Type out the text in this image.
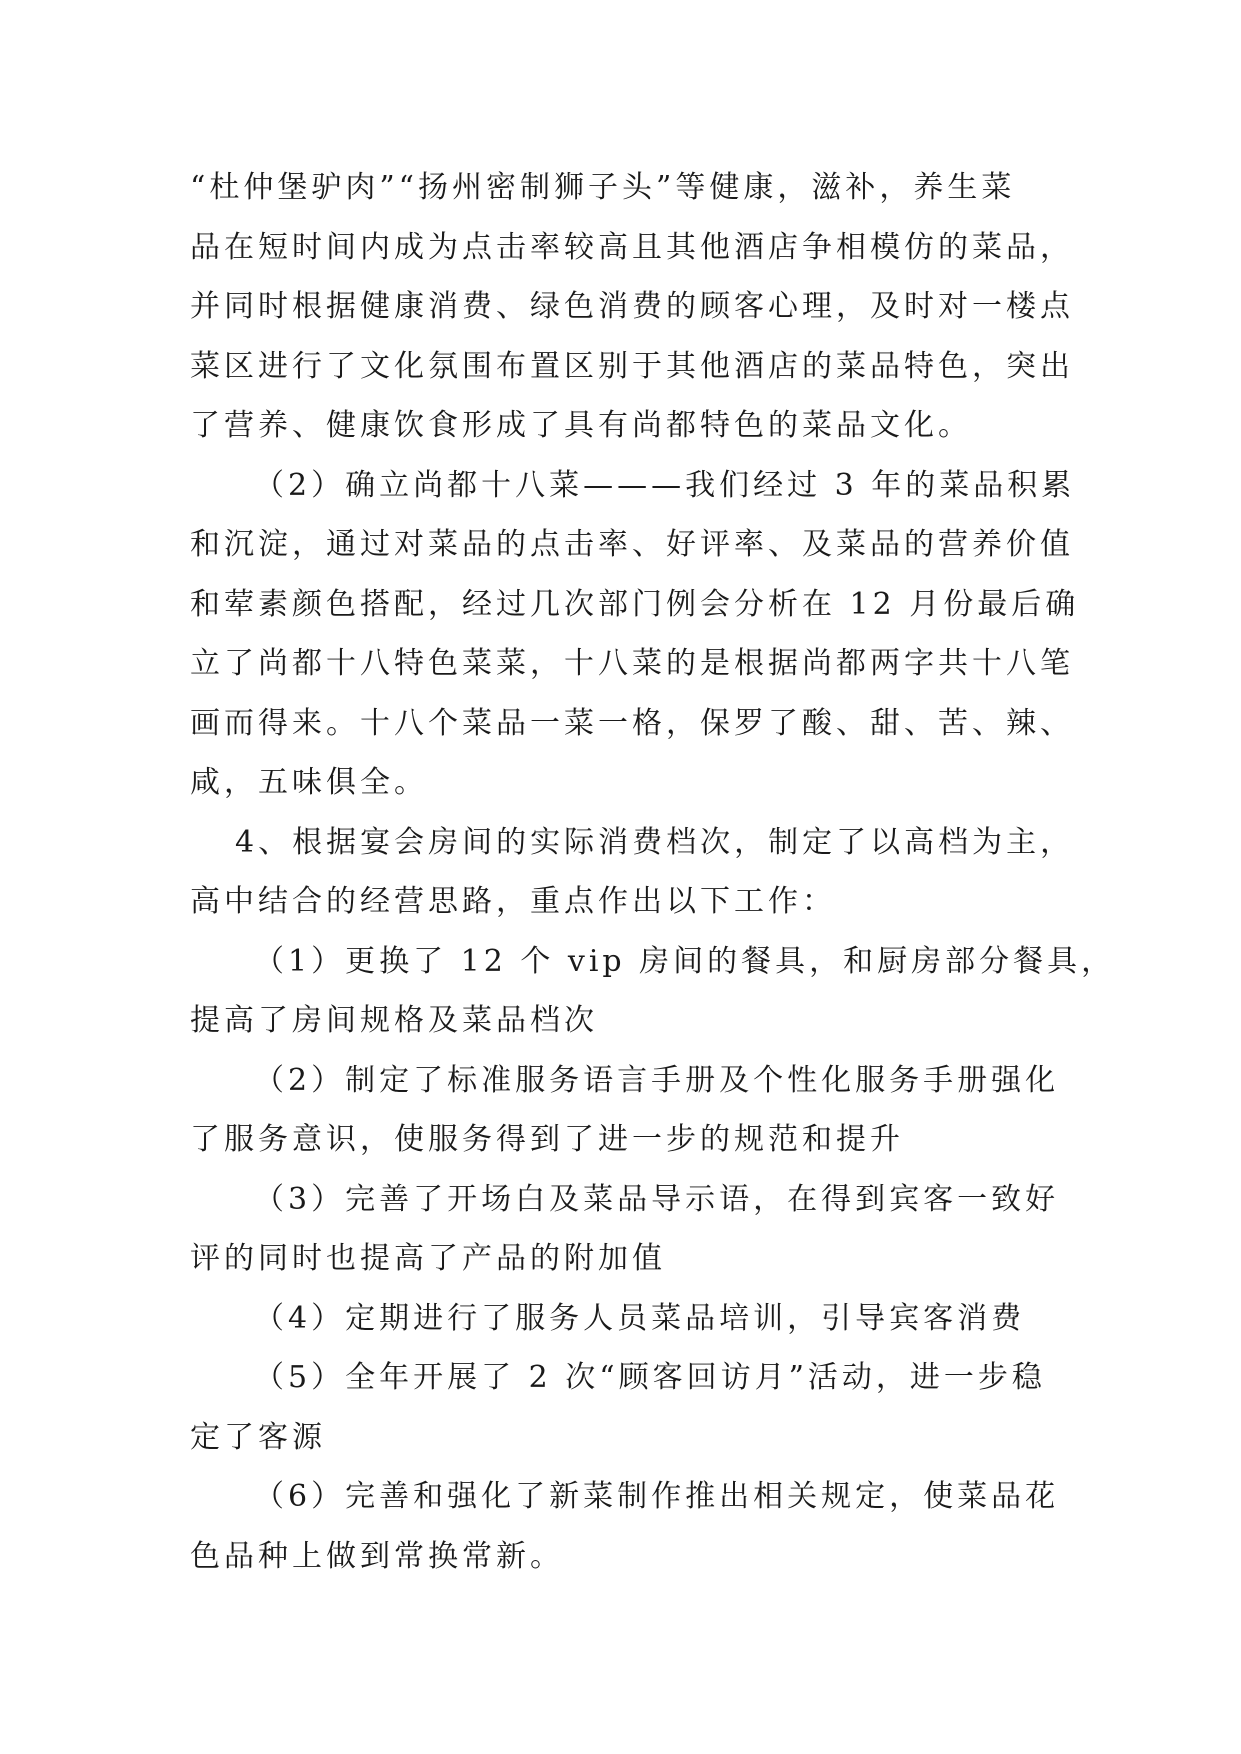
“杜仲堡驴肉”“扬州密制狮子头”等健康，滋补，养生菜
品在短时间内成为点击率较高且其他酒店争相模仿的菜品，
并同时根据健康消费、绿色消费的顾客心理，及时对一楼点
菜区进行了文化氛围布置区别于其他酒店的菜品特色，突出
了营养、健康饮食形成了具有尚都特色的菜品文化。
（2）确立尚都十八菜———我们经过 3 年的菜品积累
和沉淀，通过对菜品的点击率、好评率、及菜品的营养价值
和荤素颜色搭配，经过几次部门例会分析在 12 月份最后确
立了尚都十八特色菜菜，十八菜的是根据尚都两字共十八笔
画而得来。十八个菜品一菜一格，保罗了酸、甜、苦、辣、
咸，五味俱全。
4、根据宴会房间的实际消费档次，制定了以高档为主，
高中结合的经营思路，重点作出以下工作：
（1）更换了 12 个 vip 房间的餐具，和厨房部分餐具，
提高了房间规格及菜品档次
（2）制定了标准服务语言手册及个性化服务手册强化
了服务意识，使服务得到了进一步的规范和提升
（3）完善了开场白及菜品导示语，在得到宾客一致好
评的同时也提高了产品的附加值
（4）定期进行了服务人员菜品培训，引导宾客消费
（5）全年开展了 2 次“顾客回访月”活动，进一步稳
定了客源
（6）完善和强化了新菜制作推出相关规定，使菜品花
色品种上做到常换常新。
